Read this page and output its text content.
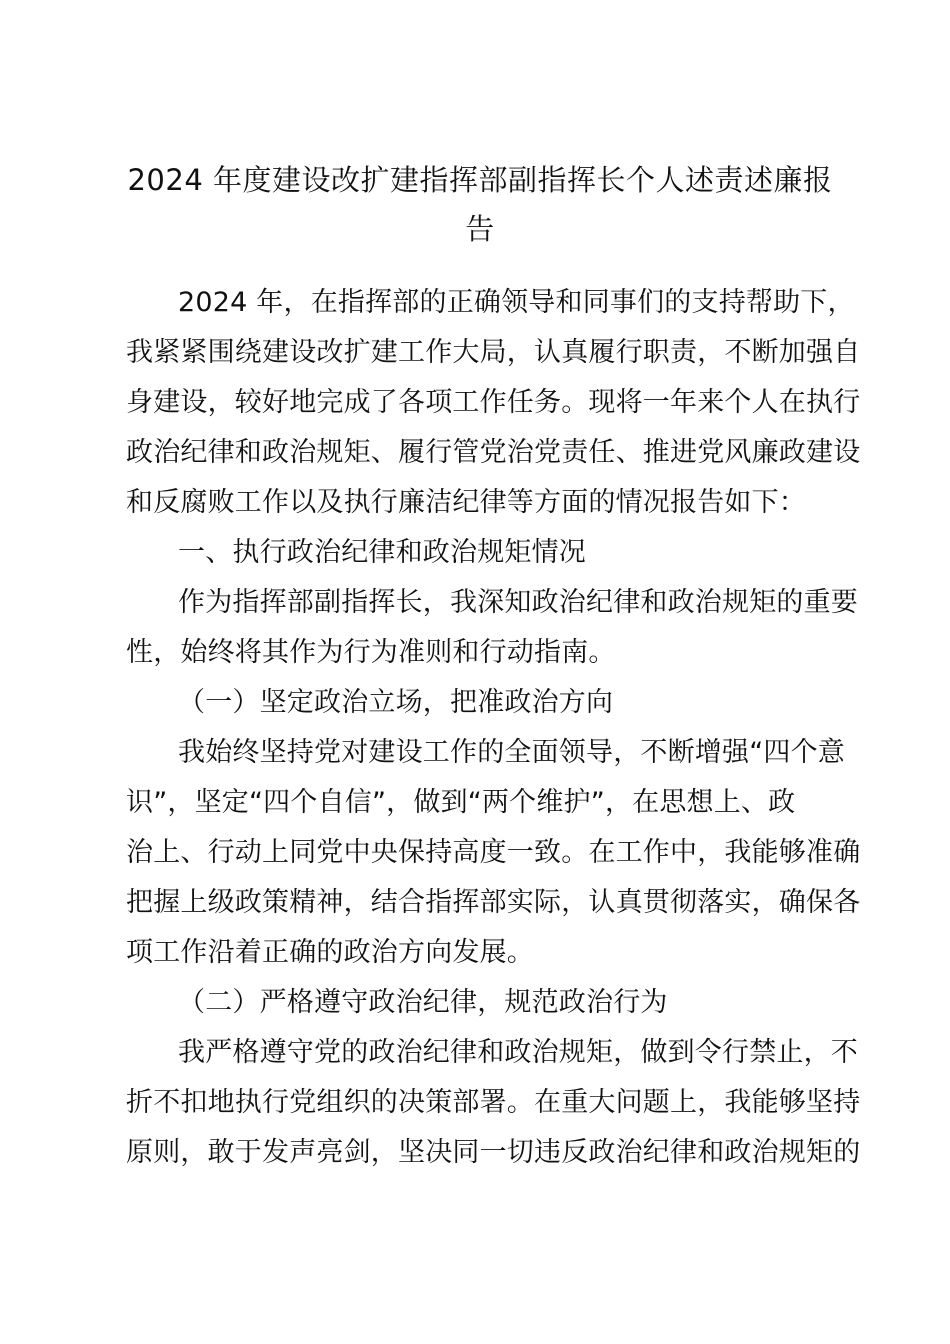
2024 年度建设改扩建指挥部副指挥长个人述责述廉报
告
2024 年，在指挥部的正确领导和同事们的支持帮助下，
我紧紧围绕建设改扩建工作大局，认真履行职责，不断加强自
身建设，较好地完成了各项工作任务。现将一年来个人在执行
政治纪律和政治规矩、履行管党治党责任、推进党风廉政建设
和反腐败工作以及执行廉洁纪律等方面的情况报告如下：
一、执行政治纪律和政治规矩情况
作为指挥部副指挥长，我深知政治纪律和政治规矩的重要
性，始终将其作为行为准则和行动指南。
（一）坚定政治立场，把准政治方向
我始终坚持党对建设工作的全面领导，不断增强“四个意
识”，坚定“四个自信”，做到“两个维护”，在思想上、政
治上、行动上同党中央保持高度一致。在工作中，我能够准确
把握上级政策精神，结合指挥部实际，认真贯彻落实，确保各
项工作沿着正确的政治方向发展。
（二）严格遵守政治纪律，规范政治行为
我严格遵守党的政治纪律和政治规矩，做到令行禁止，不
折不扣地执行党组织的决策部署。在重大问题上，我能够坚持
原则，敢于发声亮剑，坚决同一切违反政治纪律和政治规矩的
